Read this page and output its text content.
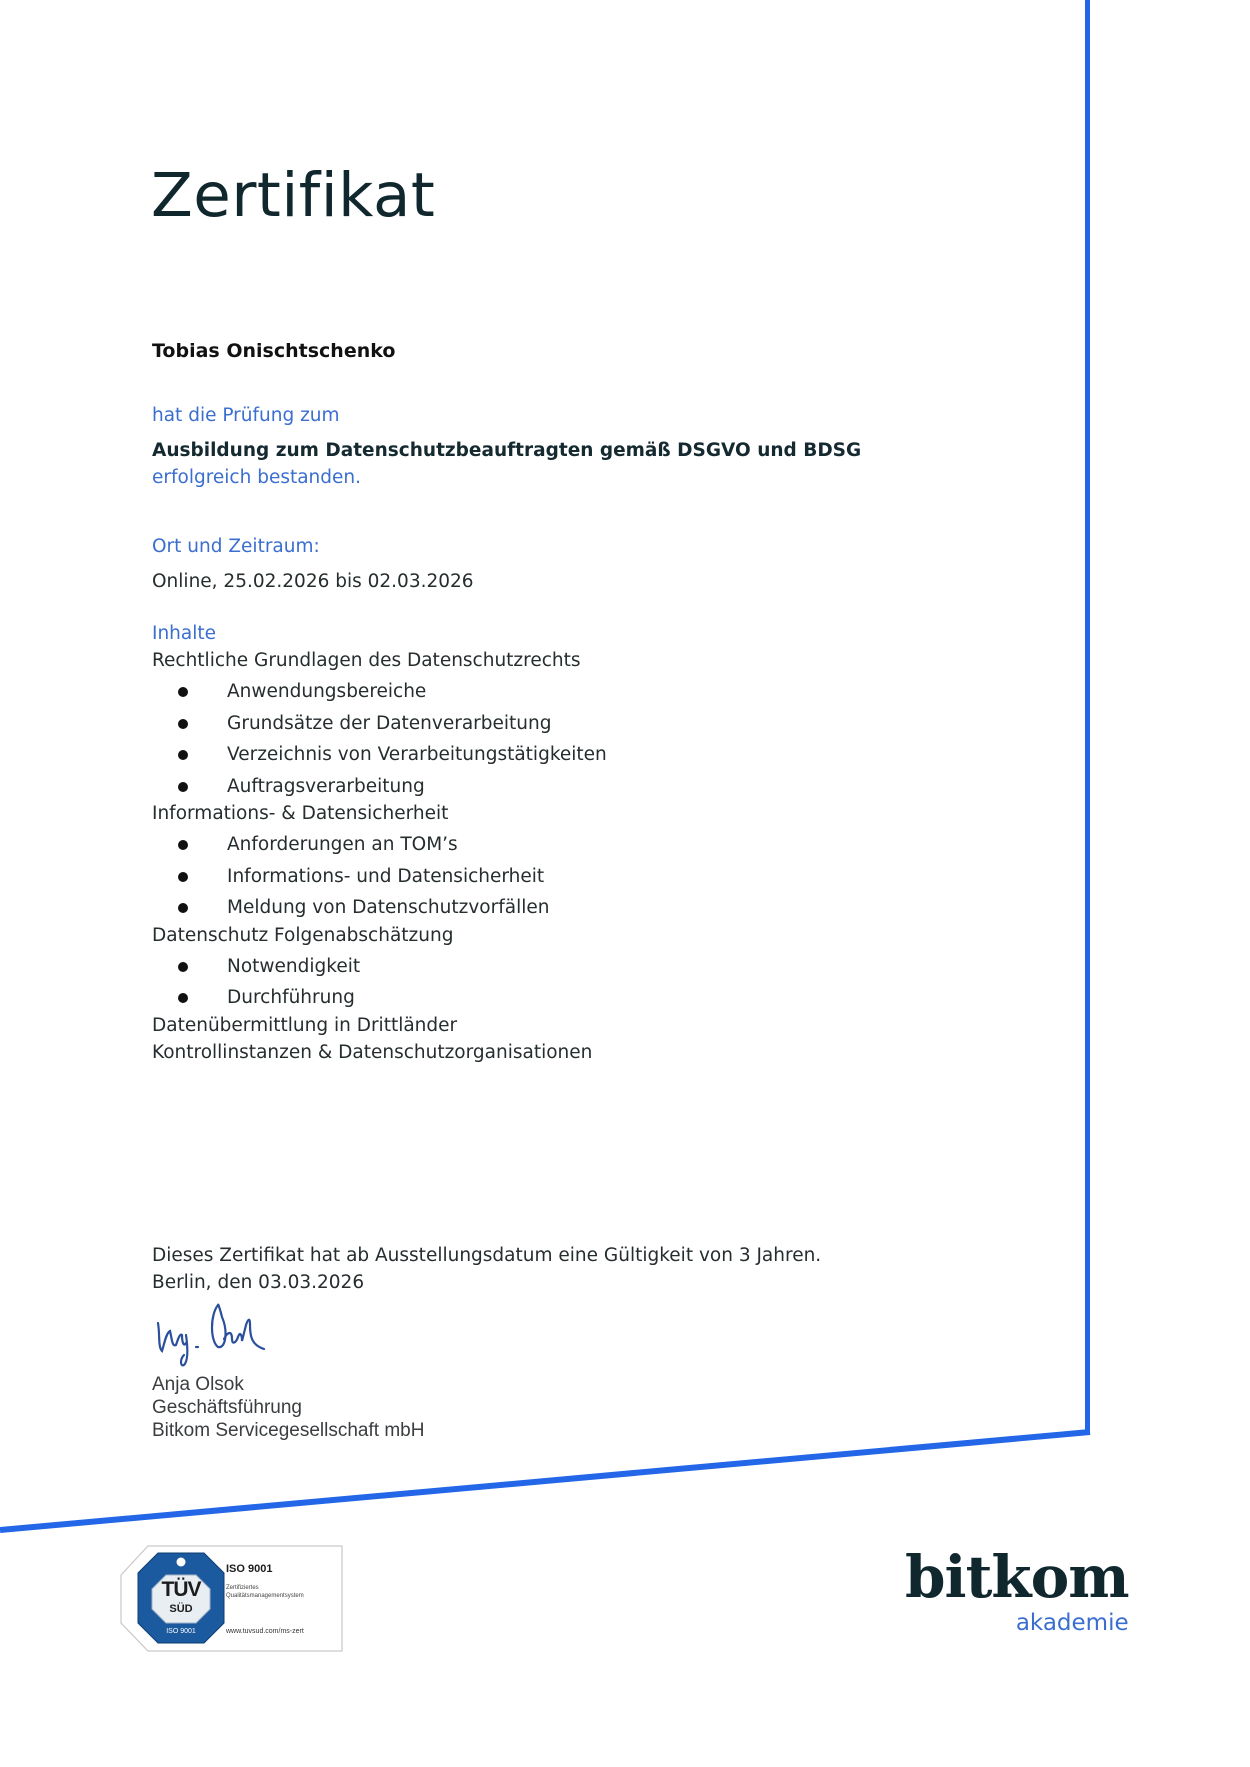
Zertifikat
Tobias Onischtschenko
hat die Prüfung zum
Ausbildung zum Datenschutzbeauftragten gemäß DSGVO und BDSG
erfolgreich bestanden.
Ort und Zeitraum:
Online, 25.02.2026 bis 02.03.2026
Inhalte
Rechtliche Grundlagen des Datenschutzrechts
Anwendungsbereiche
Grundsätze der Datenverarbeitung
Verzeichnis von Verarbeitungstätigkeiten
Auftragsverarbeitung
Informations- & Datensicherheit
Anforderungen an TOM’s
Informations- und Datensicherheit
Meldung von Datenschutzvorfällen
Datenschutz Folgenabschätzung
Notwendigkeit
Durchführung
Datenübermittlung in Drittländer
Kontrollinstanzen & Datenschutzorganisationen
Dieses Zertifikat hat ab Ausstellungsdatum eine Gültigkeit von 3 Jahren.
Berlin, den 03.03.2026
Anja Olsok
Geschäftsführung
Bitkom Servicegesellschaft mbH
TÜV
SÜD
ISO 9001
ISO 9001
Zertifiziertes
Qualitätsmanagementsystem
www.tuvsud.com/ms-zert
bitkom
akademie
